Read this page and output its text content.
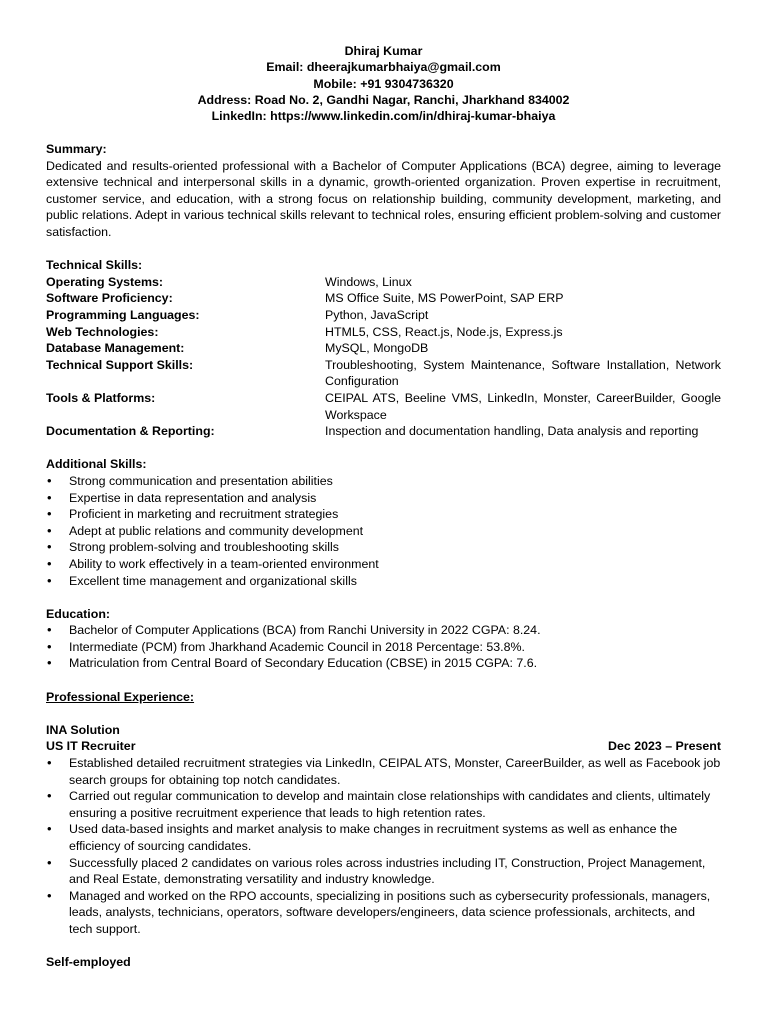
Dhiraj Kumar
Email: dheerajkumarbhaiya@gmail.com
Mobile: +91 9304736320
Address: Road No. 2, Gandhi Nagar, Ranchi, Jharkhand 834002
LinkedIn: https://www.linkedin.com/in/dhiraj-kumar-bhaiya
Summary:
Dedicated and results-oriented professional with a Bachelor of Computer Applications (BCA) degree, aiming to leverage extensive technical and interpersonal skills in a dynamic, growth-oriented organization. Proven expertise in recruitment, customer service, and education, with a strong focus on relationship building, community development, marketing, and public relations. Adept in various technical skills relevant to technical roles, ensuring efficient problem-solving and customer satisfaction.
Technical Skills:
Operating Systems:	Windows, Linux
Software Proficiency:	MS Office Suite, MS PowerPoint, SAP ERP
Programming Languages:	Python, JavaScript
Web Technologies:	HTML5, CSS, React.js, Node.js, Express.js
Database Management:	MySQL, MongoDB
Technical Support Skills:	Troubleshooting, System Maintenance, Software Installation, Network Configuration
Tools & Platforms:	CEIPAL ATS, Beeline VMS, LinkedIn, Monster, CareerBuilder, Google Workspace
Documentation & Reporting:	Inspection and documentation handling, Data analysis and reporting
Additional Skills:
• Strong communication and presentation abilities
• Expertise in data representation and analysis
• Proficient in marketing and recruitment strategies
• Adept at public relations and community development
• Strong problem-solving and troubleshooting skills
• Ability to work effectively in a team-oriented environment
• Excellent time management and organizational skills
Education:
• Bachelor of Computer Applications (BCA) from Ranchi University in 2022 CGPA: 8.24.
• Intermediate (PCM) from Jharkhand Academic Council in 2018 Percentage: 53.8%.
• Matriculation from Central Board of Secondary Education (CBSE) in 2015 CGPA: 7.6.
Professional Experience:
INA Solution
US IT Recruiter	Dec 2023 – Present
• Established detailed recruitment strategies via LinkedIn, CEIPAL ATS, Monster, CareerBuilder, as well as Facebook job search groups for obtaining top notch candidates.
• Carried out regular communication to develop and maintain close relationships with candidates and clients, ultimately ensuring a positive recruitment experience that leads to high retention rates.
• Used data-based insights and market analysis to make changes in recruitment systems as well as enhance the efficiency of sourcing candidates.
• Successfully placed 2 candidates on various roles across industries including IT, Construction, Project Management, and Real Estate, demonstrating versatility and industry knowledge.
• Managed and worked on the RPO accounts, specializing in positions such as cybersecurity professionals, managers, leads, analysts, technicians, operators, software developers/engineers, data science professionals, architects, and tech support.
Self-employed
